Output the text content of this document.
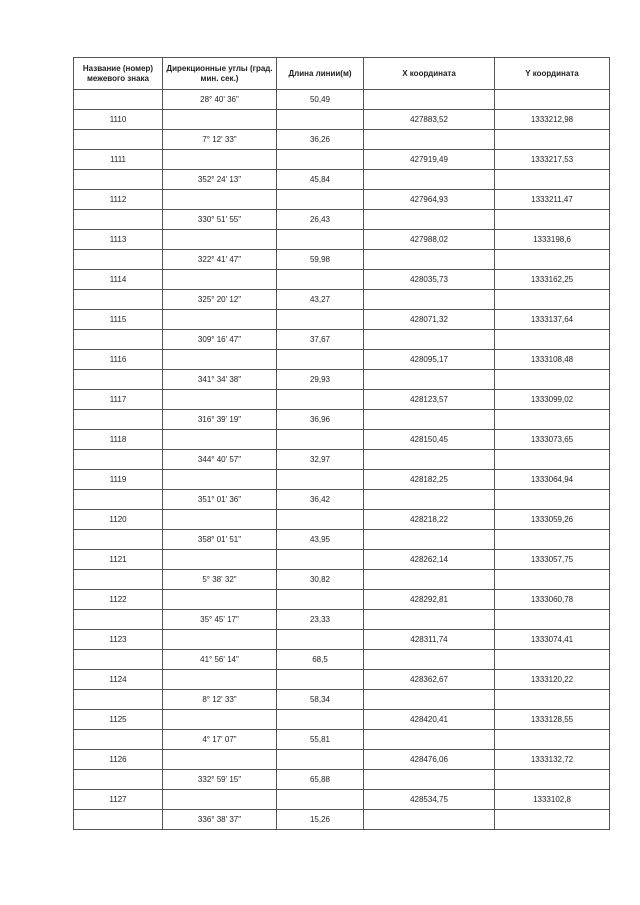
Название (номер) межевого знака	Дирекционные углы (град. мин. сек.)	Длина линии(м)	X координата	Y координата
	28° 40' 36"	50,49		
1110			427883,52	1333212,98
	7° 12' 33"	36,26		
1111			427919,49	1333217,53
	352° 24' 13"	45,84		
1112			427964,93	1333211,47
	330° 51' 55"	26,43		
1113			427988,02	1333198,6
	322° 41' 47"	59,98		
1114			428035,73	1333162,25
	325° 20' 12"	43,27		
1115			428071,32	1333137,64
	309° 16' 47"	37,67		
1116			428095,17	1333108,48
	341° 34' 38"	29,93		
1117			428123,57	1333099,02
	316° 39' 19"	36,96		
1118			428150,45	1333073,65
	344° 40' 57"	32,97		
1119			428182,25	1333064,94
	351° 01' 36"	36,42		
1120			428218,22	1333059,26
	358° 01' 51"	43,95		
1121			428262,14	1333057,75
	5° 38' 32"	30,82		
1122			428292,81	1333060,78
	35° 45' 17"	23,33		
1123			428311,74	1333074,41
	41° 56' 14"	68,5		
1124			428362,67	1333120,22
	8° 12' 33"	58,34		
1125			428420,41	1333128,55
	4° 17' 07"	55,81		
1126			428476,06	1333132,72
	332° 59' 15"	65,88		
1127			428534,75	1333102,8
	336° 38' 37"	15,26		
